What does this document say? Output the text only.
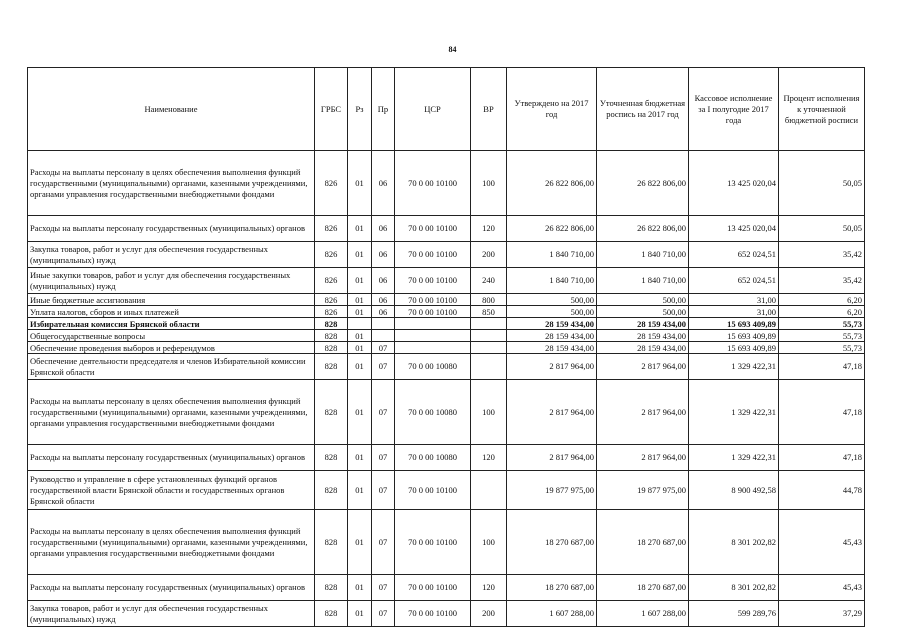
84
Наименование	ГРБС	Рз	Пр	ЦСР	ВР	Утверждено на 2017 год	Уточненная бюджетная роспись на 2017 год	Кассовое исполнение за I полугодие 2017 года	Процент исполнения к уточненной бюджетной росписи
Расходы на выплаты персоналу в целях обеспечения выполнения функций государственными (муниципальными) органами, казенными учреждениями, органами управления государственными внебюджетными фондами	826	01	06	70 0 00 10100	100	26 822 806,00	26 822 806,00	13 425 020,04	50,05
Расходы на выплаты персоналу государственных (муниципальных) органов	826	01	06	70 0 00 10100	120	26 822 806,00	26 822 806,00	13 425 020,04	50,05
Закупка товаров, работ и услуг для обеспечения государственных (муниципальных) нужд	826	01	06	70 0 00 10100	200	1 840 710,00	1 840 710,00	652 024,51	35,42
Иные закупки товаров, работ и услуг для обеспечения государственных (муниципальных) нужд	826	01	06	70 0 00 10100	240	1 840 710,00	1 840 710,00	652 024,51	35,42
Иные бюджетные ассигнования	826	01	06	70 0 00 10100	800	500,00	500,00	31,00	6,20
Уплата налогов, сборов и иных платежей	826	01	06	70 0 00 10100	850	500,00	500,00	31,00	6,20
Избирательная комиссия Брянской области	828					28 159 434,00	28 159 434,00	15 693 409,89	55,73
Общегосударственные вопросы	828	01				28 159 434,00	28 159 434,00	15 693 409,89	55,73
Обеспечение проведения выборов и референдумов	828	01	07			28 159 434,00	28 159 434,00	15 693 409,89	55,73
Обеспечение деятельности председателя и членов Избирательной комиссии Брянской области	828	01	07	70 0 00 10080		2 817 964,00	2 817 964,00	1 329 422,31	47,18
Расходы на выплаты персоналу в целях обеспечения выполнения функций государственными (муниципальными) органами, казенными учреждениями, органами управления государственными внебюджетными фондами	828	01	07	70 0 00 10080	100	2 817 964,00	2 817 964,00	1 329 422,31	47,18
Расходы на выплаты персоналу государственных (муниципальных) органов	828	01	07	70 0 00 10080	120	2 817 964,00	2 817 964,00	1 329 422,31	47,18
Руководство и управление в сфере установленных функций органов государственной власти Брянской области и государственных органов Брянской области	828	01	07	70 0 00 10100		19 877 975,00	19 877 975,00	8 900 492,58	44,78
Расходы на выплаты персоналу в целях обеспечения выполнения функций государственными (муниципальными) органами, казенными учреждениями, органами управления государственными внебюджетными фондами	828	01	07	70 0 00 10100	100	18 270 687,00	18 270 687,00	8 301 202,82	45,43
Расходы на выплаты персоналу государственных (муниципальных) органов	828	01	07	70 0 00 10100	120	18 270 687,00	18 270 687,00	8 301 202,82	45,43
Закупка товаров, работ и услуг для обеспечения государственных (муниципальных) нужд	828	01	07	70 0 00 10100	200	1 607 288,00	1 607 288,00	599 289,76	37,29
